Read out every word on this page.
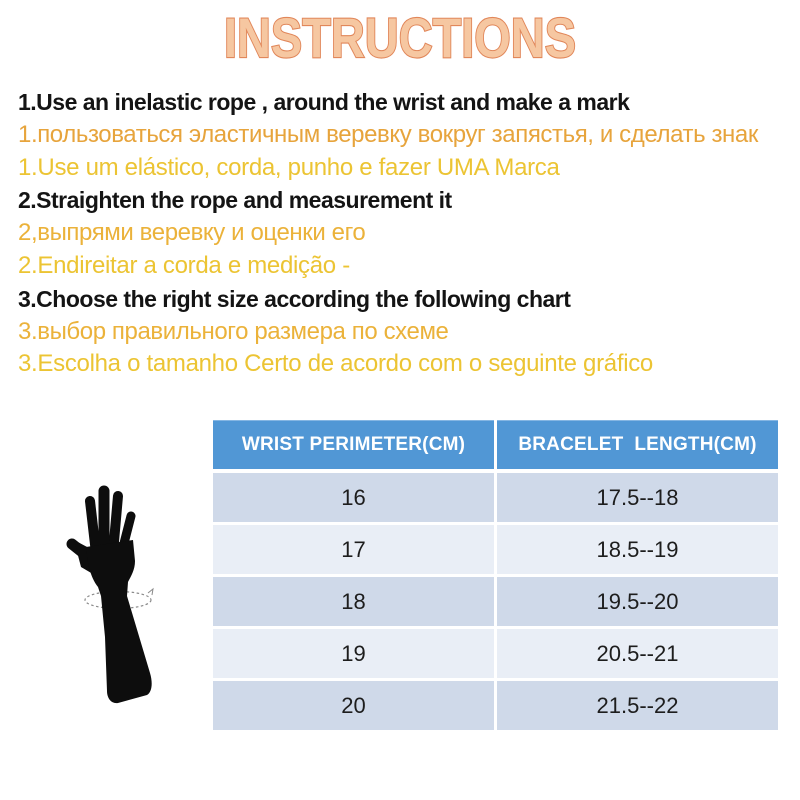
INSTRUCTIONS
1.Use an inelastic rope , around the wrist and make a mark
1.пользоваться эластичным веревку вокруг запястья, и сделать знак
1.Use um elástico, corda, punho e fazer UMA Marca
2.Straighten the rope and measurement it
2,выпрями веревку и оценки его
2.Endireitar a corda e medição -
3.Choose the right size according the following chart
3.выбор правильного размера по схеме
3.Escolha o tamanho Certo de acordo com o seguinte gráfico
WRIST PERIMETER(CM)	BRACELET  LENGTH(CM)
16	17.5--18
17	18.5--19
18	19.5--20
19	20.5--21
20	21.5--22
